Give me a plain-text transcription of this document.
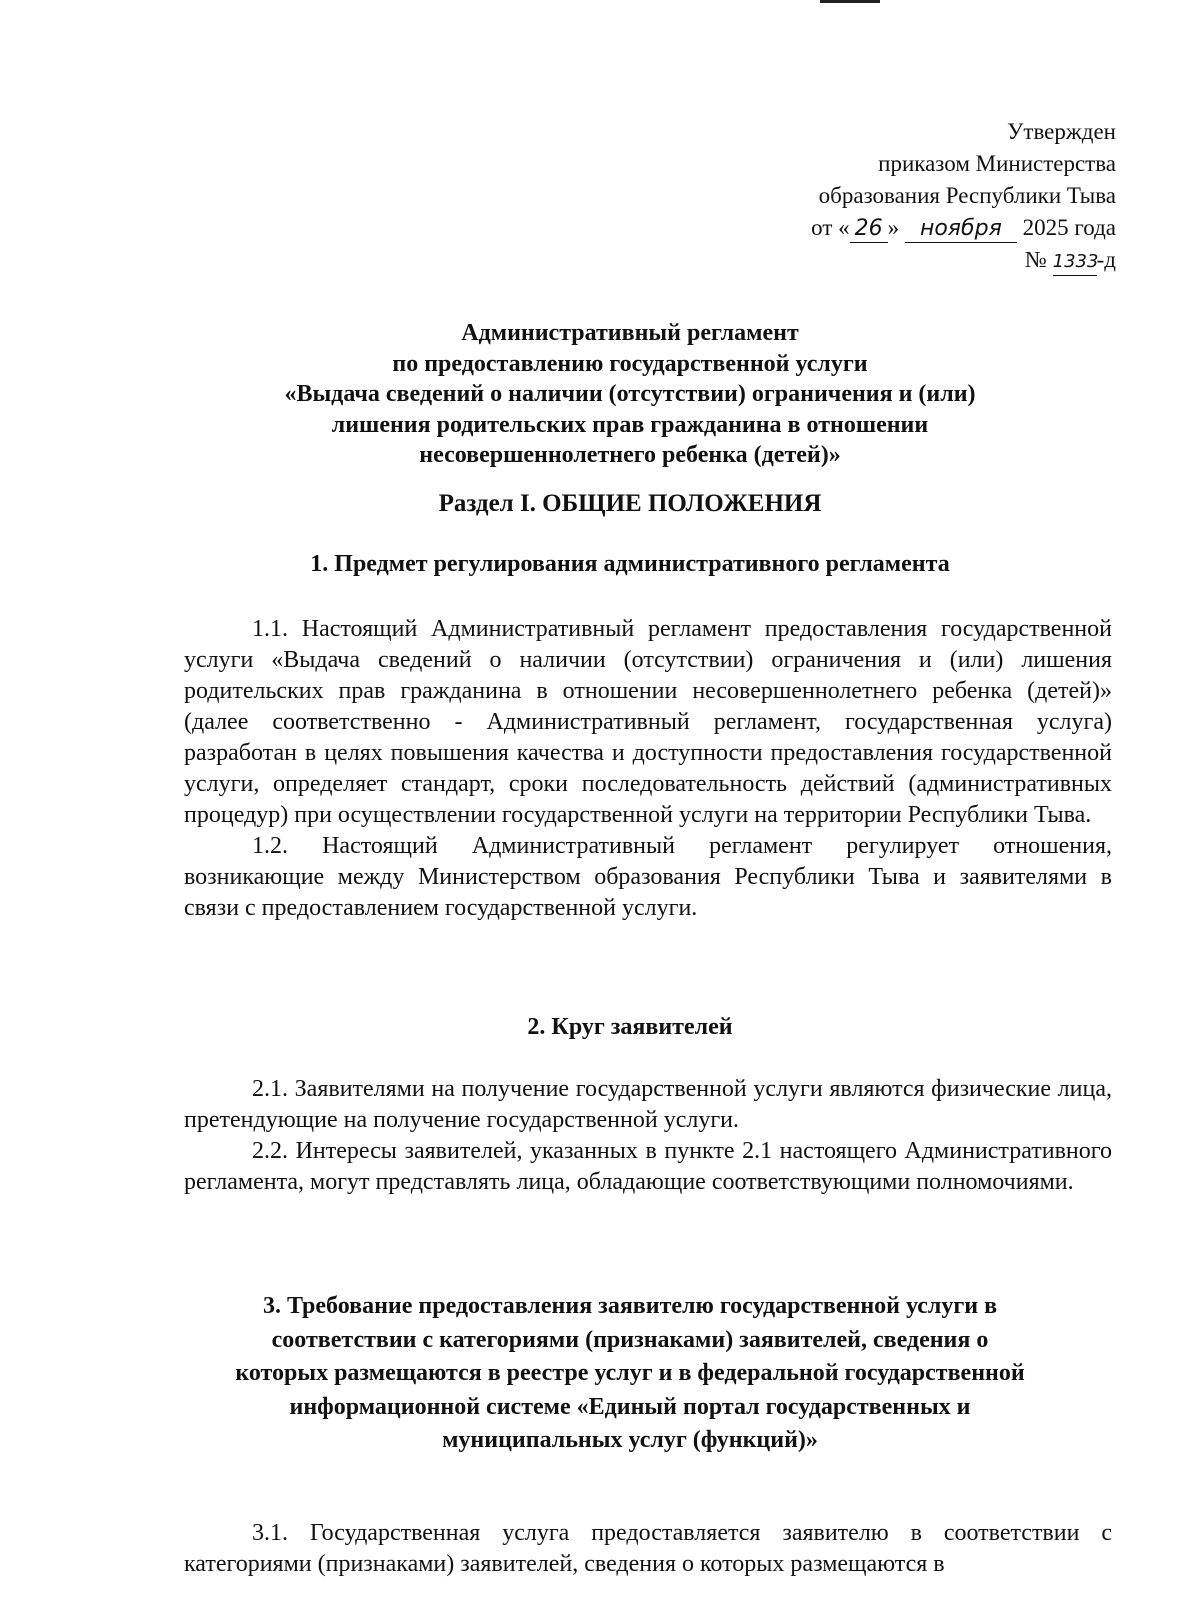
Утвержден
приказом Министерства
образования Республики Тыва
от « 26 » ноября 2025 года
№ 1333-д
Административный регламент
по предоставлению государственной услуги
«Выдача сведений о наличии (отсутствии) ограничения и (или)
лишения родительских прав гражданина в отношении
несовершеннолетнего ребенка (детей)»
Раздел I. ОБЩИЕ ПОЛОЖЕНИЯ
1. Предмет регулирования административного регламента

1.1. Настоящий Административный регламент предоставления государственной услуги «Выдача сведений о наличии (отсутствии) ограничения и (или) лишения родительских прав гражданина в отношении несовершеннолетнего ребенка (детей)» (далее соответственно - Административный регламент, государственная услуга) разработан в целях повышения качества и доступности предоставления государственной услуги, определяет стандарт, сроки последовательность действий (административных процедур) при осуществлении государственной услуги на территории Республики Тыва.

1.2. Настоящий Административный регламент регулирует отношения, возникающие между Министерством образования Республики Тыва и заявителями в связи с предоставлением государственной услуги.

2. Круг заявителей

2.1. Заявителями на получение государственной услуги являются физические лица, претендующие на получение государственной услуги.

2.2. Интересы заявителей, указанных в пункте 2.1 настоящего Административного регламента, могут представлять лица, обладающие соответствующими полномочиями.

3. Требование предоставления заявителю государственной услуги в
соответствии с категориями (признаками) заявителей, сведения о
которых размещаются в реестре услуг и в федеральной государственной
информационной системе «Единый портал государственных и
муниципальных услуг (функций)»

3.1. Государственная услуга предоставляется заявителю в соответствии с категориями (признаками) заявителей, сведения о которых размещаются в
